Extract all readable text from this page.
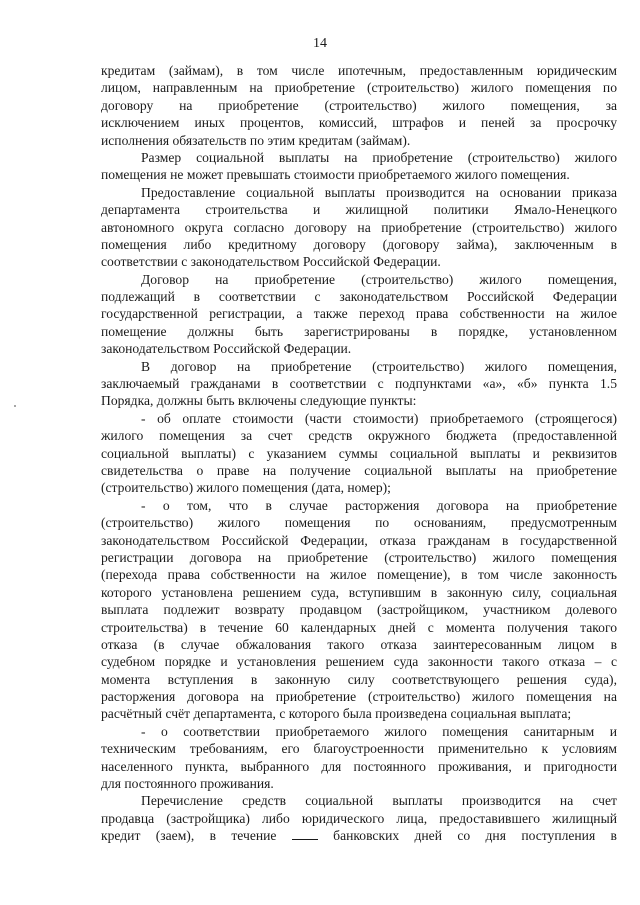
14
кредитам (займам), в том числе ипотечным, предоставленным юридическим
лицом, направленным на приобретение (строительство) жилого помещения по
договору на приобретение (строительство) жилого помещения, за
исключением иных процентов, комиссий, штрафов и пеней за просрочку
исполнения обязательств по этим кредитам (займам).
Размер социальной выплаты на приобретение (строительство) жилого
помещения не может превышать стоимости приобретаемого жилого помещения.
Предоставление социальной выплаты производится на основании приказа
департамента строительства и жилищной политики Ямало-Ненецкого
автономного округа согласно договору на приобретение (строительство) жилого
помещения либо кредитному договору (договору займа), заключенным в
соответствии с законодательством Российской Федерации.
Договор на приобретение (строительство) жилого помещения,
подлежащий в соответствии с законодательством Российской Федерации
государственной регистрации, а также переход права собственности на жилое
помещение должны быть зарегистрированы в порядке, установленном
законодательством Российской Федерации.
В договор на приобретение (строительство) жилого помещения,
заключаемый гражданами в соответствии с подпунктами «а», «б» пункта 1.5
Порядка, должны быть включены следующие пункты:
- об оплате стоимости (части стоимости) приобретаемого (строящегося)
жилого помещения за счет средств окружного бюджета (предоставленной
социальной выплаты) с указанием суммы социальной выплаты и реквизитов
свидетельства о праве на получение социальной выплаты на приобретение
(строительство) жилого помещения (дата, номер);
- о том, что в случае расторжения договора на приобретение
(строительство) жилого помещения по основаниям, предусмотренным
законодательством Российской Федерации, отказа гражданам в государственной
регистрации договора на приобретение (строительство) жилого помещения
(перехода права собственности на жилое помещение), в том числе законность
которого установлена решением суда, вступившим в законную силу, социальная
выплата подлежит возврату продавцом (застройщиком, участником долевого
строительства) в течение 60 календарных дней с момента получения такого
отказа (в случае обжалования такого отказа заинтересованным лицом в
судебном порядке и установления решением суда законности такого отказа – с
момента вступления в законную силу соответствующего решения суда),
расторжения договора на приобретение (строительство) жилого помещения на
расчётный счёт департамента, с которого была произведена социальная выплата;
- о соответствии приобретаемого жилого помещения санитарным и
техническим требованиям, его благоустроенности применительно к условиям
населенного пункта, выбранного для постоянного проживания, и пригодности
для постоянного проживания.
Перечисление средств социальной выплаты производится на счет
продавца (застройщика) либо юридического лица, предоставившего жилищный
кредит (заем), в течение	банковских дней со дня поступления в
